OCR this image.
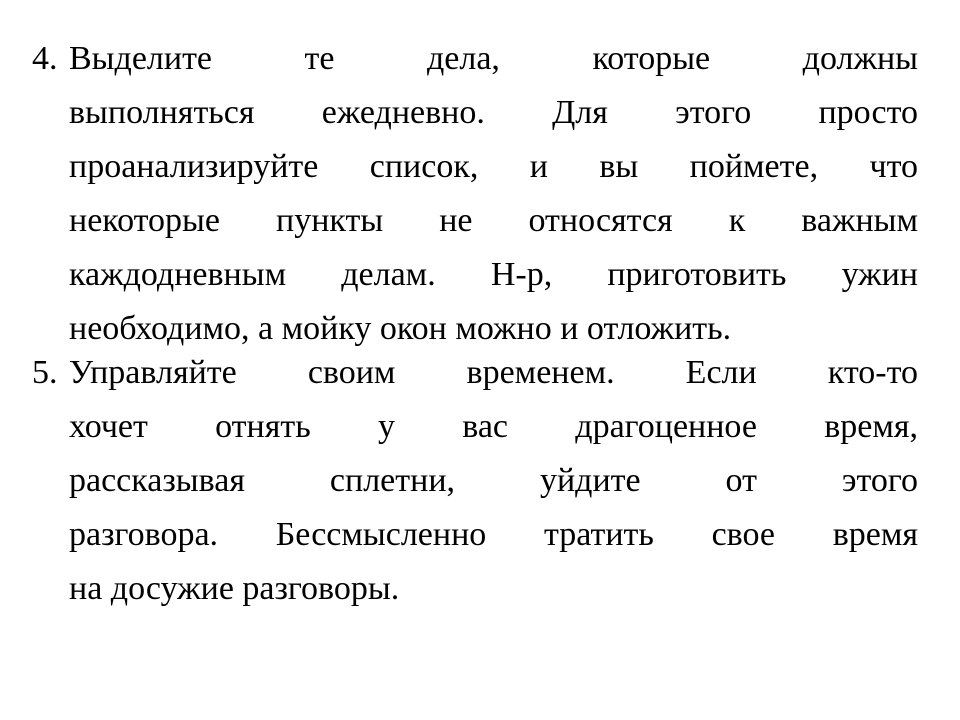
4. Выделите те дела, которые должны
выполняться ежедневно. Для этого просто
проанализируйте список, и вы поймете, что
некоторые пункты не относятся к важным
каждодневным делам. Н-р, приготовить ужин
необходимо, а мойку окон можно и отложить.
5. Управляйте своим временем. Если кто-то
хочет отнять у вас драгоценное время,
рассказывая сплетни, уйдите от этого
разговора. Бессмысленно тратить свое время
на досужие разговоры.
